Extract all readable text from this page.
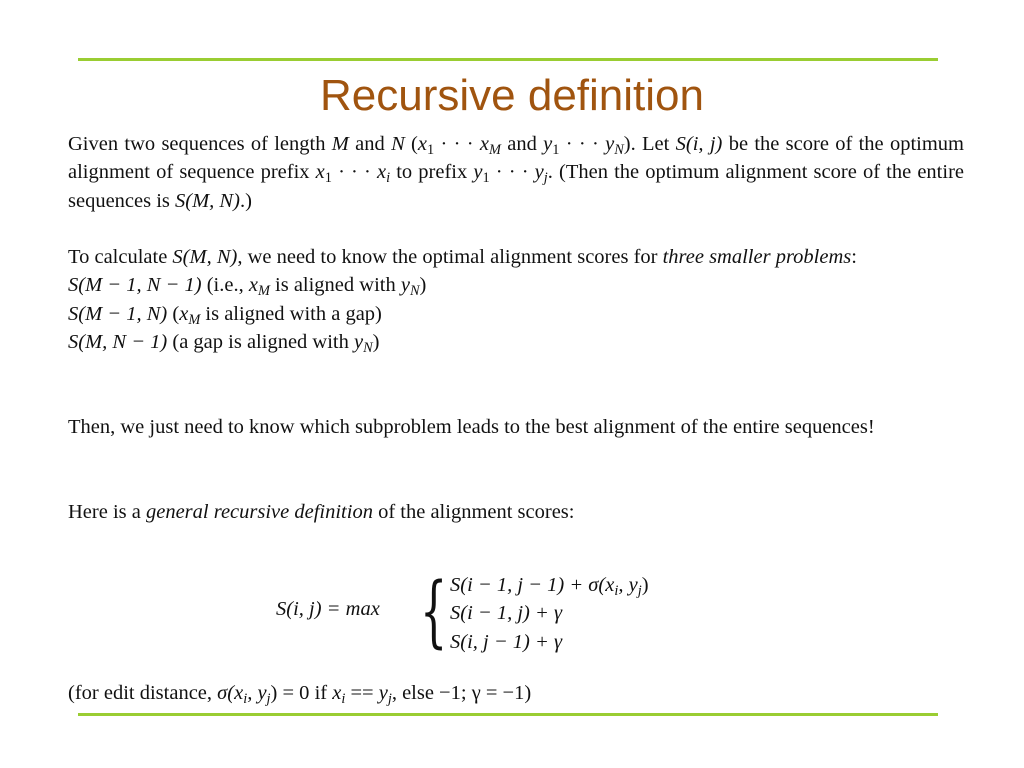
Recursive definition
Given two sequences of length M and N ($x_1$ · · · $x_M$ and $y_1$ · · · $y_N$). Let S(i, j) be the score of the optimum alignment of sequence prefix $x_1$ · · · $x_i$ to prefix $y_1$ · · · $y_j$. (Then the optimum alignment score of the entire sequences is S(M, N).)
To calculate S(M, N), we need to know the optimal alignment scores for three smaller problems:
S(M − 1, N − 1) (i.e., $x_M$ is aligned with $y_N$)
S(M − 1, N) ($x_M$ is aligned with a gap)
S(M, N − 1) (a gap is aligned with $y_N$)
Then, we just need to know which subproblem leads to the best alignment of the entire sequences!
Here is a general recursive definition of the alignment scores:
S(i, j) = max { S(i − 1, $j - 1) + \sigma(x_i$, $y_j$)
S(i − 1, j) + γ
S(i, j − 1) + γ
(for edit distance, $\sigma(x_i$, $y_j) = 0$ if $x_i == y_j$, else −1; γ = −1)
